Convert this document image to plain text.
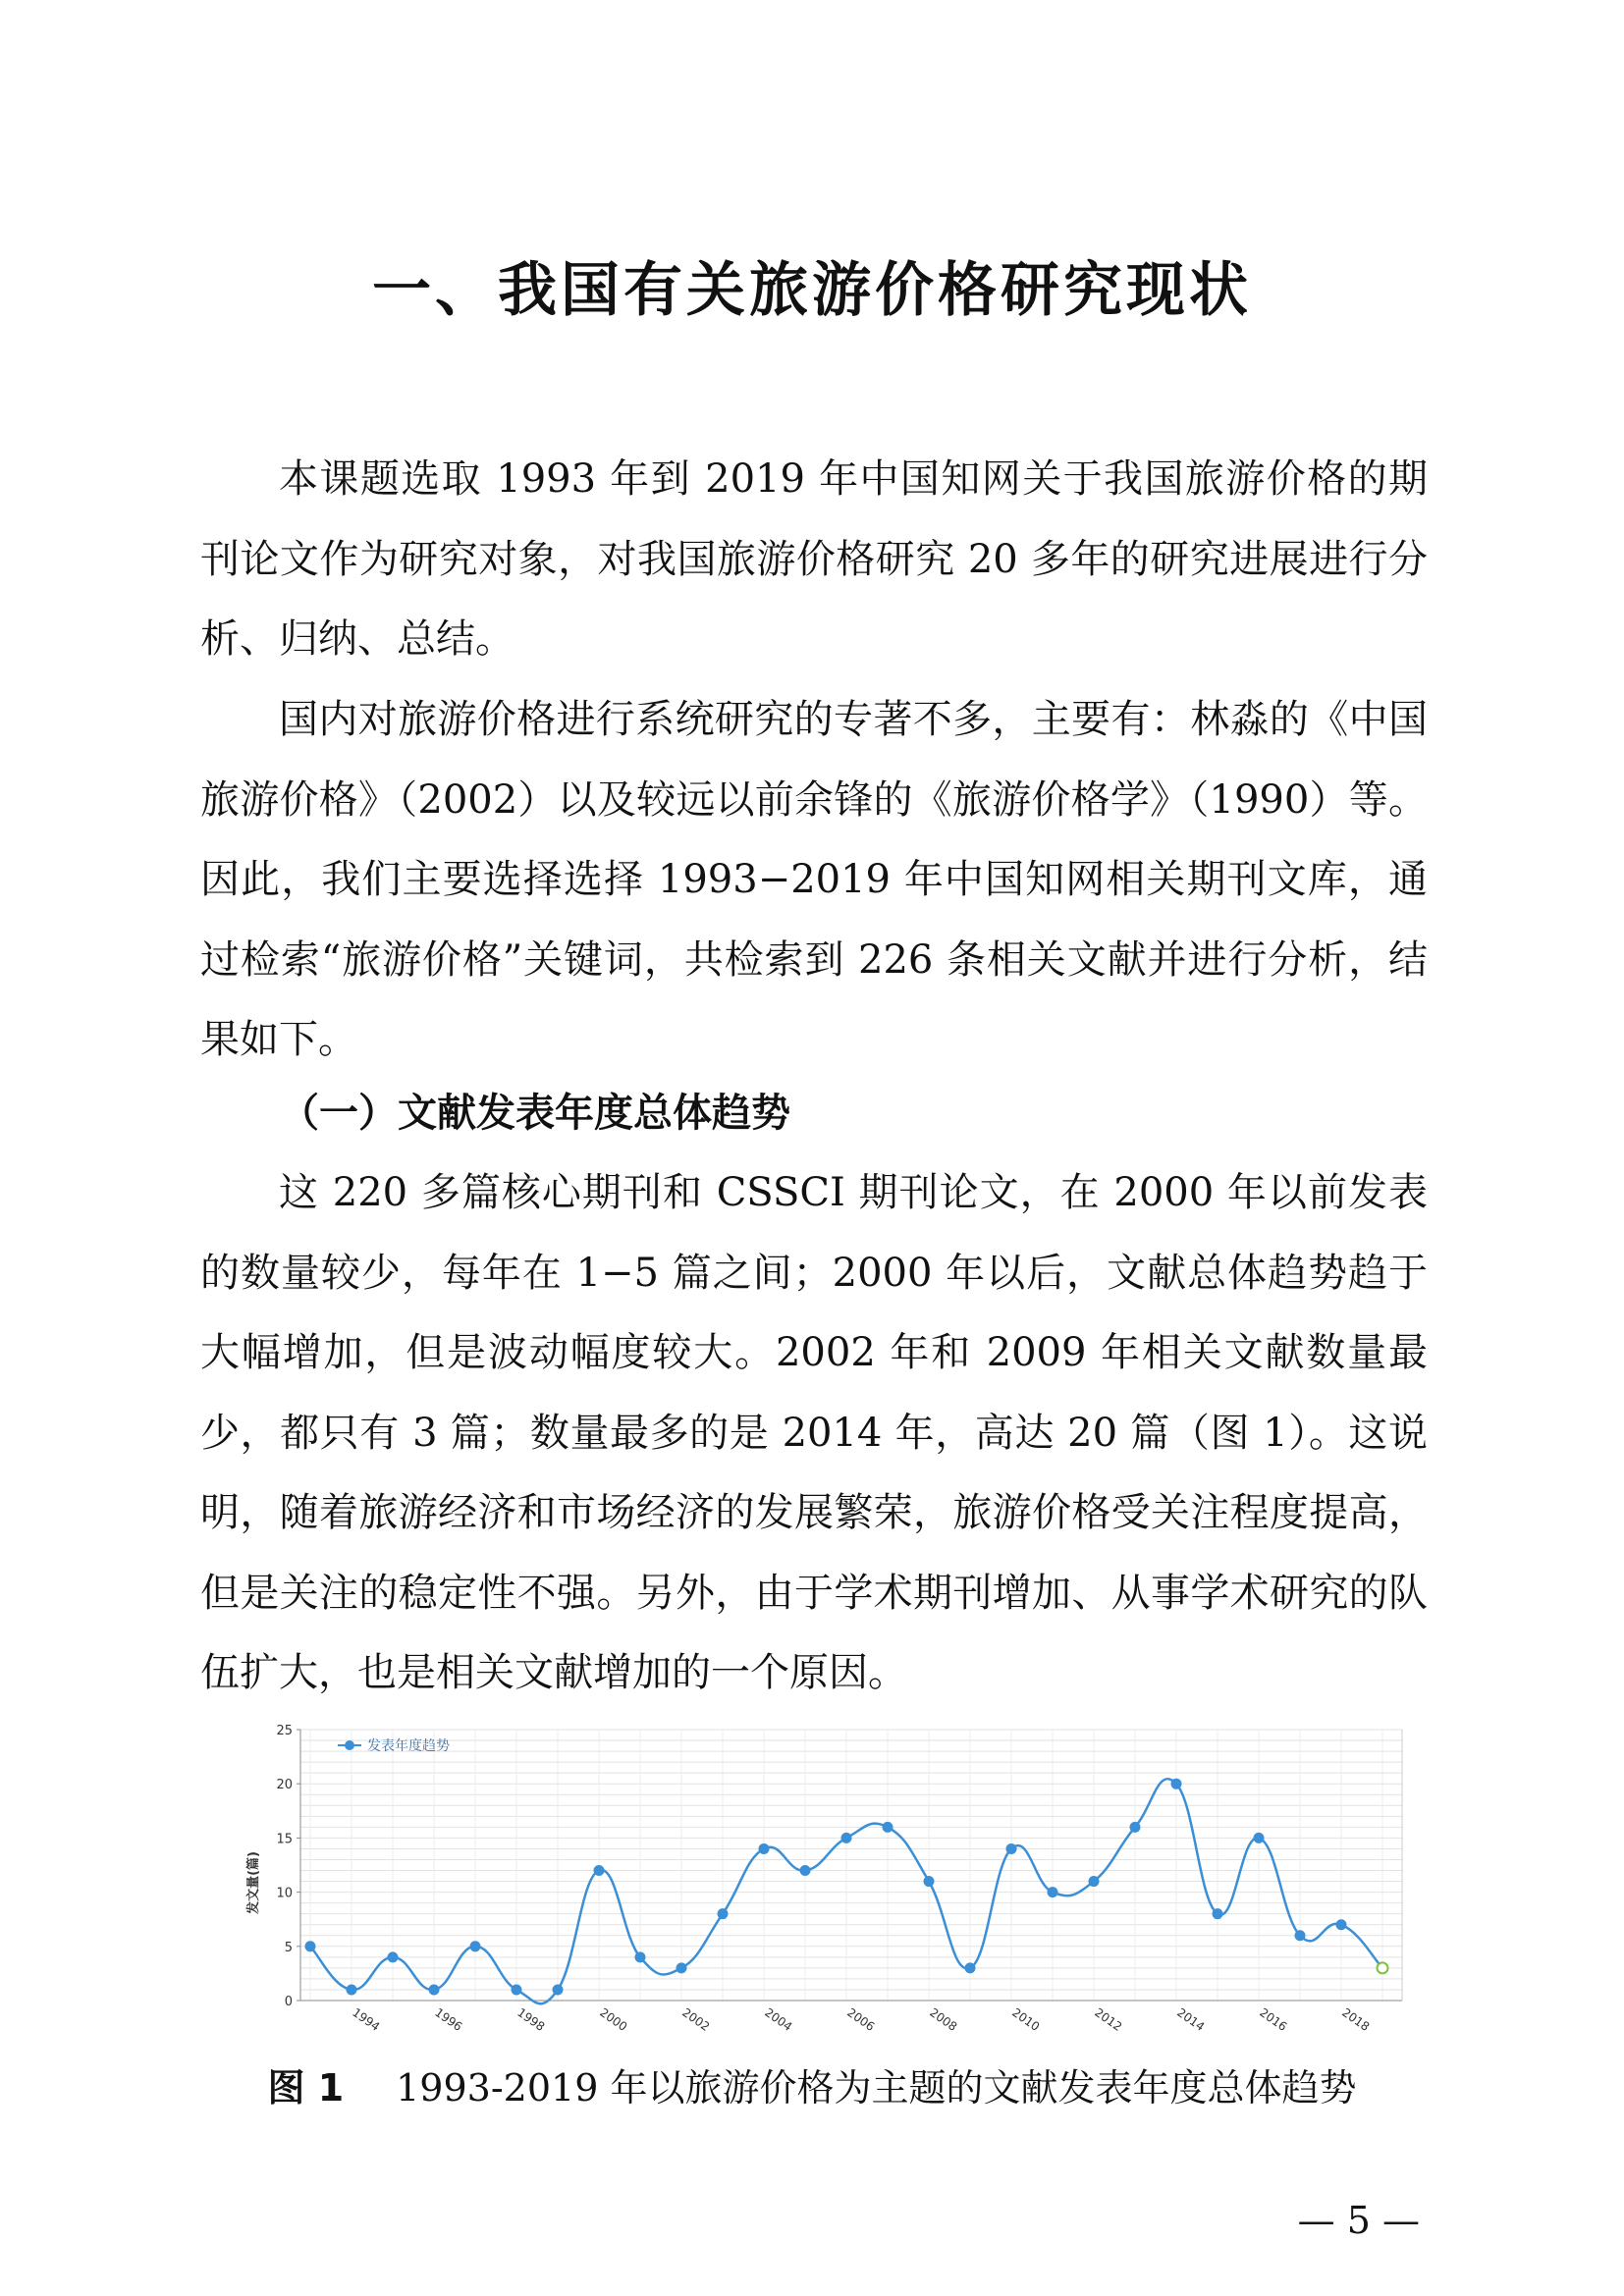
一、我国有关旅游价格研究现状

本课题选取 1993 年到 2019 年中国知网关于我国旅游价格的期刊论文作为研究对象，对我国旅游价格研究 20 多年的研究进展进行分析、归纳、总结。

国内对旅游价格进行系统研究的专著不多，主要有：林淼的《中国旅游价格》（2002）以及较远以前余锋的《旅游价格学》（1990）等。因此，我们主要选择选择 1993−2019 年中国知网相关期刊文库，通过检索“旅游价格”关键词，共检索到 226 条相关文献并进行分析，结果如下。

（一）文献发表年度总体趋势

这 220 多篇核心期刊和 CSSCI 期刊论文，在 2000 年以前发表的数量较少，每年在 1−5 篇之间；2000 年以后，文献总体趋势趋于大幅增加，但是波动幅度较大。2002 年和 2009 年相关文献数量最少，都只有 3 篇；数量最多的是 2014 年，高达 20 篇（图 1）。这说明，随着旅游经济和市场经济的发展繁荣，旅游价格受关注程度提高，但是关注的稳定性不强。另外，由于学术期刊增加、从事学术研究的队伍扩大，也是相关文献增加的一个原因。

发文量(篇)
发表年度趋势
1994	1996	1998	2000	2002	2004	2006	2008	2010	2012	2014	2016	2018
0
5
10
15
20
25
图 1 1993-2019 年以旅游价格为主题的文献发表年度总体趋势
— 5 —
